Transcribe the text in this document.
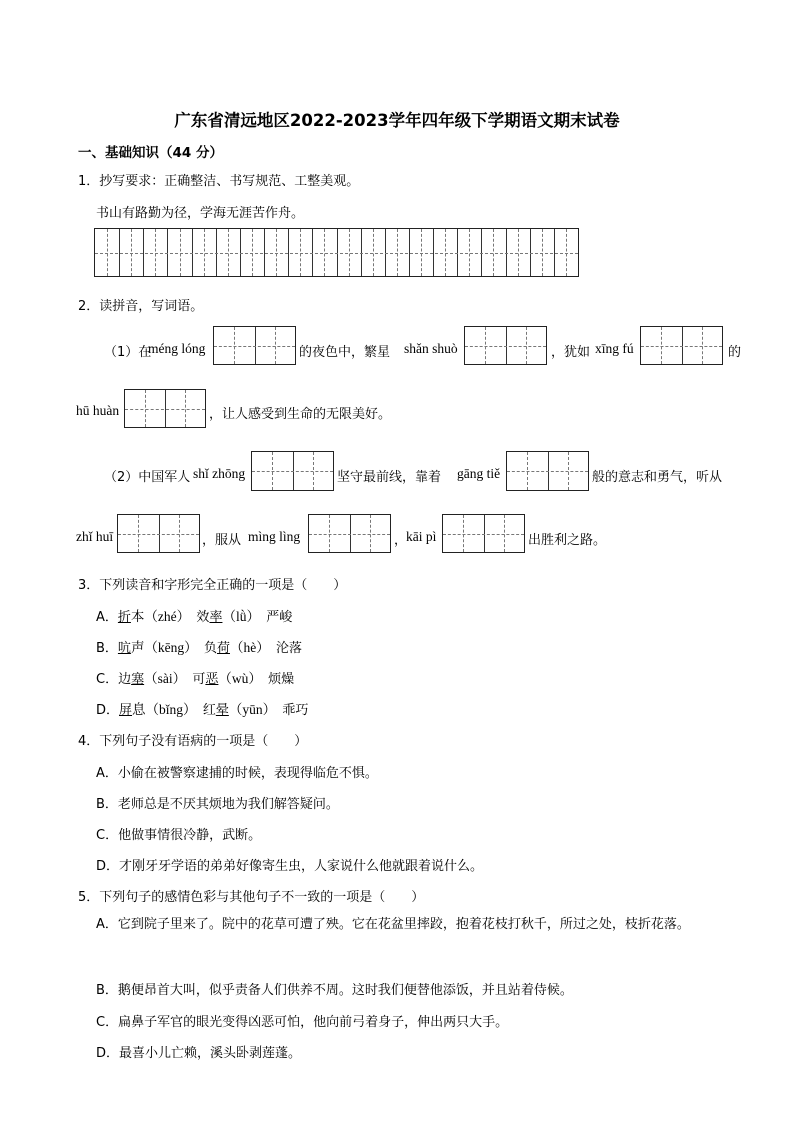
广东省清远地区2022-2023学年四年级下学期语文期末试卷
一、基础知识（44 分）
1．抄写要求：正确整洁、书写规范、工整美观。
书山有路勤为径，学海无涯苦作舟。
2．读拼音，写词语。
（1）在
méng lóng	的夜色中，繁星 shǎn shuò	，犹如 xīng fú	的
hū huàn	，让人感受到生命的无限美好。
（2）中国军人 shǐ zhōng	坚守最前线，靠着 gāng tiě	般的意志和勇气，听从
zhǐ huī	，服从 mìng lìng	，
kāi pì	出胜利之路。
3．下列读音和字形完全正确的一项是（　　）
A．折本（zhé）　 效率（lǜ）　 严峻
B．吭声（kēng）　 负荷（hè）　 沦落
C．边塞（sài）　 可恶（wù）　 烦燥
D．屏息（bǐng）　 红晕（yūn）　 乖巧
4．下列句子没有语病的一项是（　　）
A．小偷在被警察逮捕的时候，表现得临危不惧。
B．老师总是不厌其烦地为我们解答疑问。
C．他做事情很冷静，武断。
D．才刚牙牙学语的弟弟好像寄生虫，人家说什么他就跟着说什么。
5．下列句子的感情色彩与其他句子不一致的一项是（　　）
A．它到院子里来了。院中的花草可遭了殃。它在花盆里摔跤，抱着花枝打秋千，所过之处，枝折花落。
B．鹅便昂首大叫，似乎责备人们供养不周。这时我们便替他添饭，并且站着侍候。
C．扁鼻子军官的眼光变得凶恶可怕，他向前弓着身子，伸出两只大手。
D．最喜小儿亡赖，溪头卧剥莲蓬。
